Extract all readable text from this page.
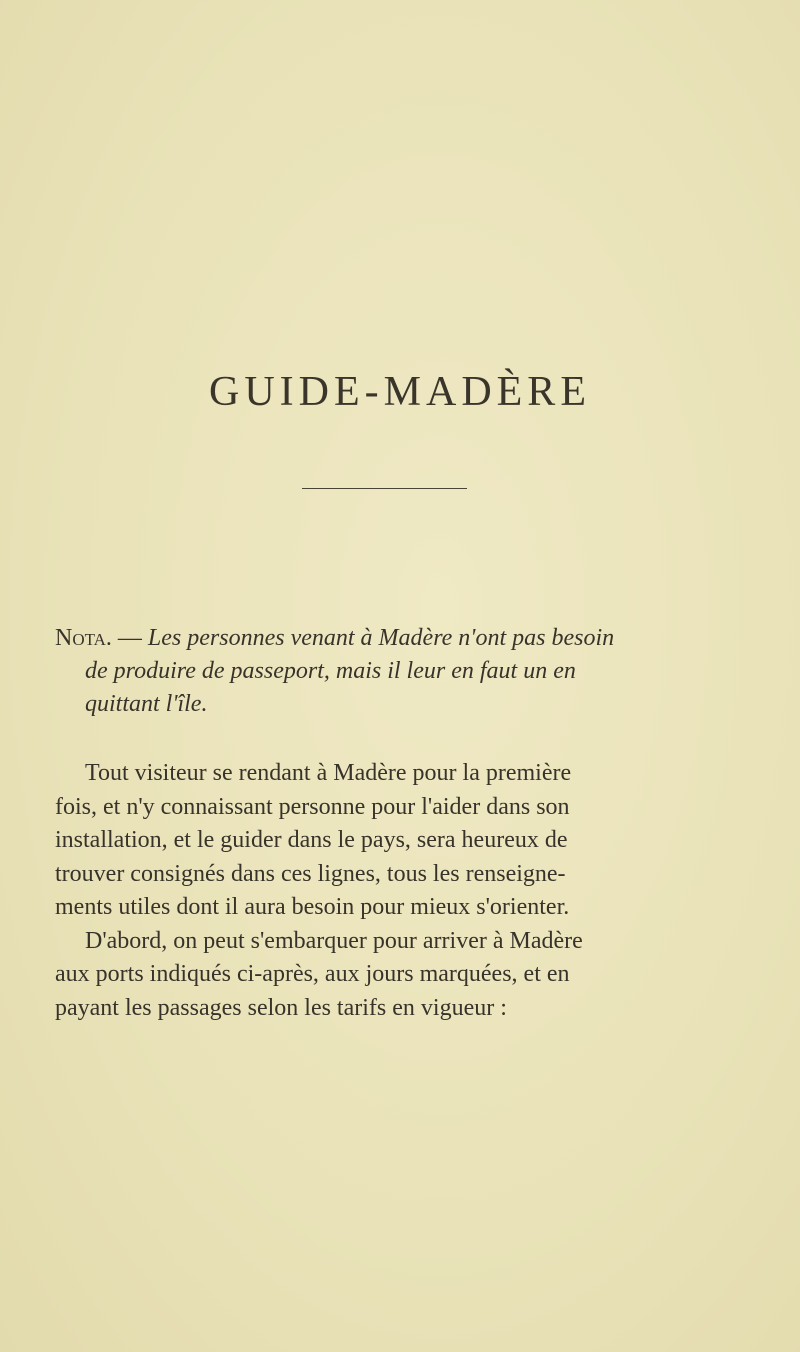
GUIDE-MADÈRE
Nota. — Les personnes venant à Madère n'ont pas besoin
de produire de passeport, mais il leur en faut un en
quittant l'île.
Tout visiteur se rendant à Madère pour la première
fois, et n'y connaissant personne pour l'aider dans son
installation, et le guider dans le pays, sera heureux de
trouver consignés dans ces lignes, tous les renseigne-
ments utiles dont il aura besoin pour mieux s'orienter.
D'abord, on peut s'embarquer pour arriver à Madère
aux ports indiqués ci-après, aux jours marquées, et en
payant les passages selon les tarifs en vigueur :
